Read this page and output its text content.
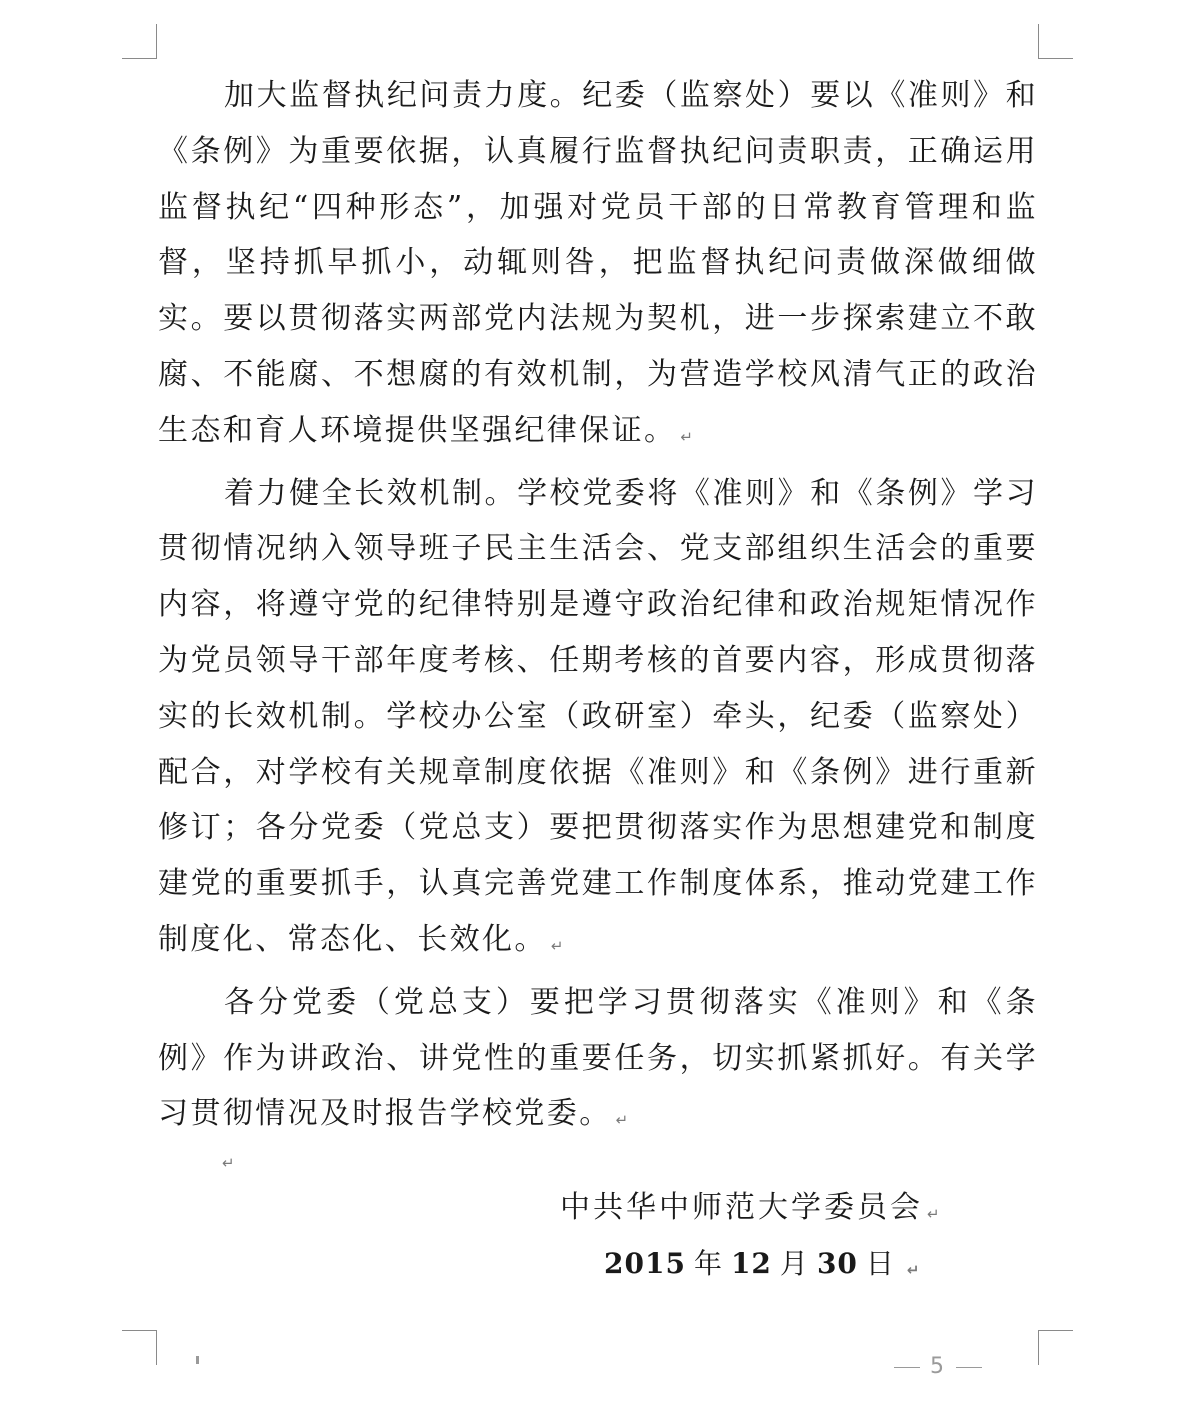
加大监督执纪问责力度。纪委（监察处）要以《准则》和《条例》为重要依据，认真履行监督执纪问责职责，正确运用监督执纪“四种形态”，加强对党员干部的日常教育管理和监督，坚持抓早抓小，动辄则咎，把监督执纪问责做深做细做实。要以贯彻落实两部党内法规为契机，进一步探索建立不敢腐、不能腐、不想腐的有效机制，为营造学校风清气正的政治生态和育人环境提供坚强纪律保证。 ↵

着力健全长效机制。学校党委将《准则》和《条例》学习贯彻情况纳入领导班子民主生活会、党支部组织生活会的重要内容，将遵守党的纪律特别是遵守政治纪律和政治规矩情况作为党员领导干部年度考核、任期考核的首要内容，形成贯彻落实的长效机制。学校办公室（政研室）牵头，纪委（监察处）配合，对学校有关规章制度依据《准则》和《条例》进行重新修订；各分党委（党总支）要把贯彻落实作为思想建党和制度建党的重要抓手，认真完善党建工作制度体系，推动党建工作制度化、常态化、长效化。 ↵

各分党委（党总支）要把学习贯彻落实《准则》和《条例》作为讲政治、讲党性的重要任务，切实抓紧抓好。有关学习贯彻情况及时报告学校党委。 ↵

↵
中共华中师范大学委员会 ↵
2015 年 12 月 30 日 ↵
5
